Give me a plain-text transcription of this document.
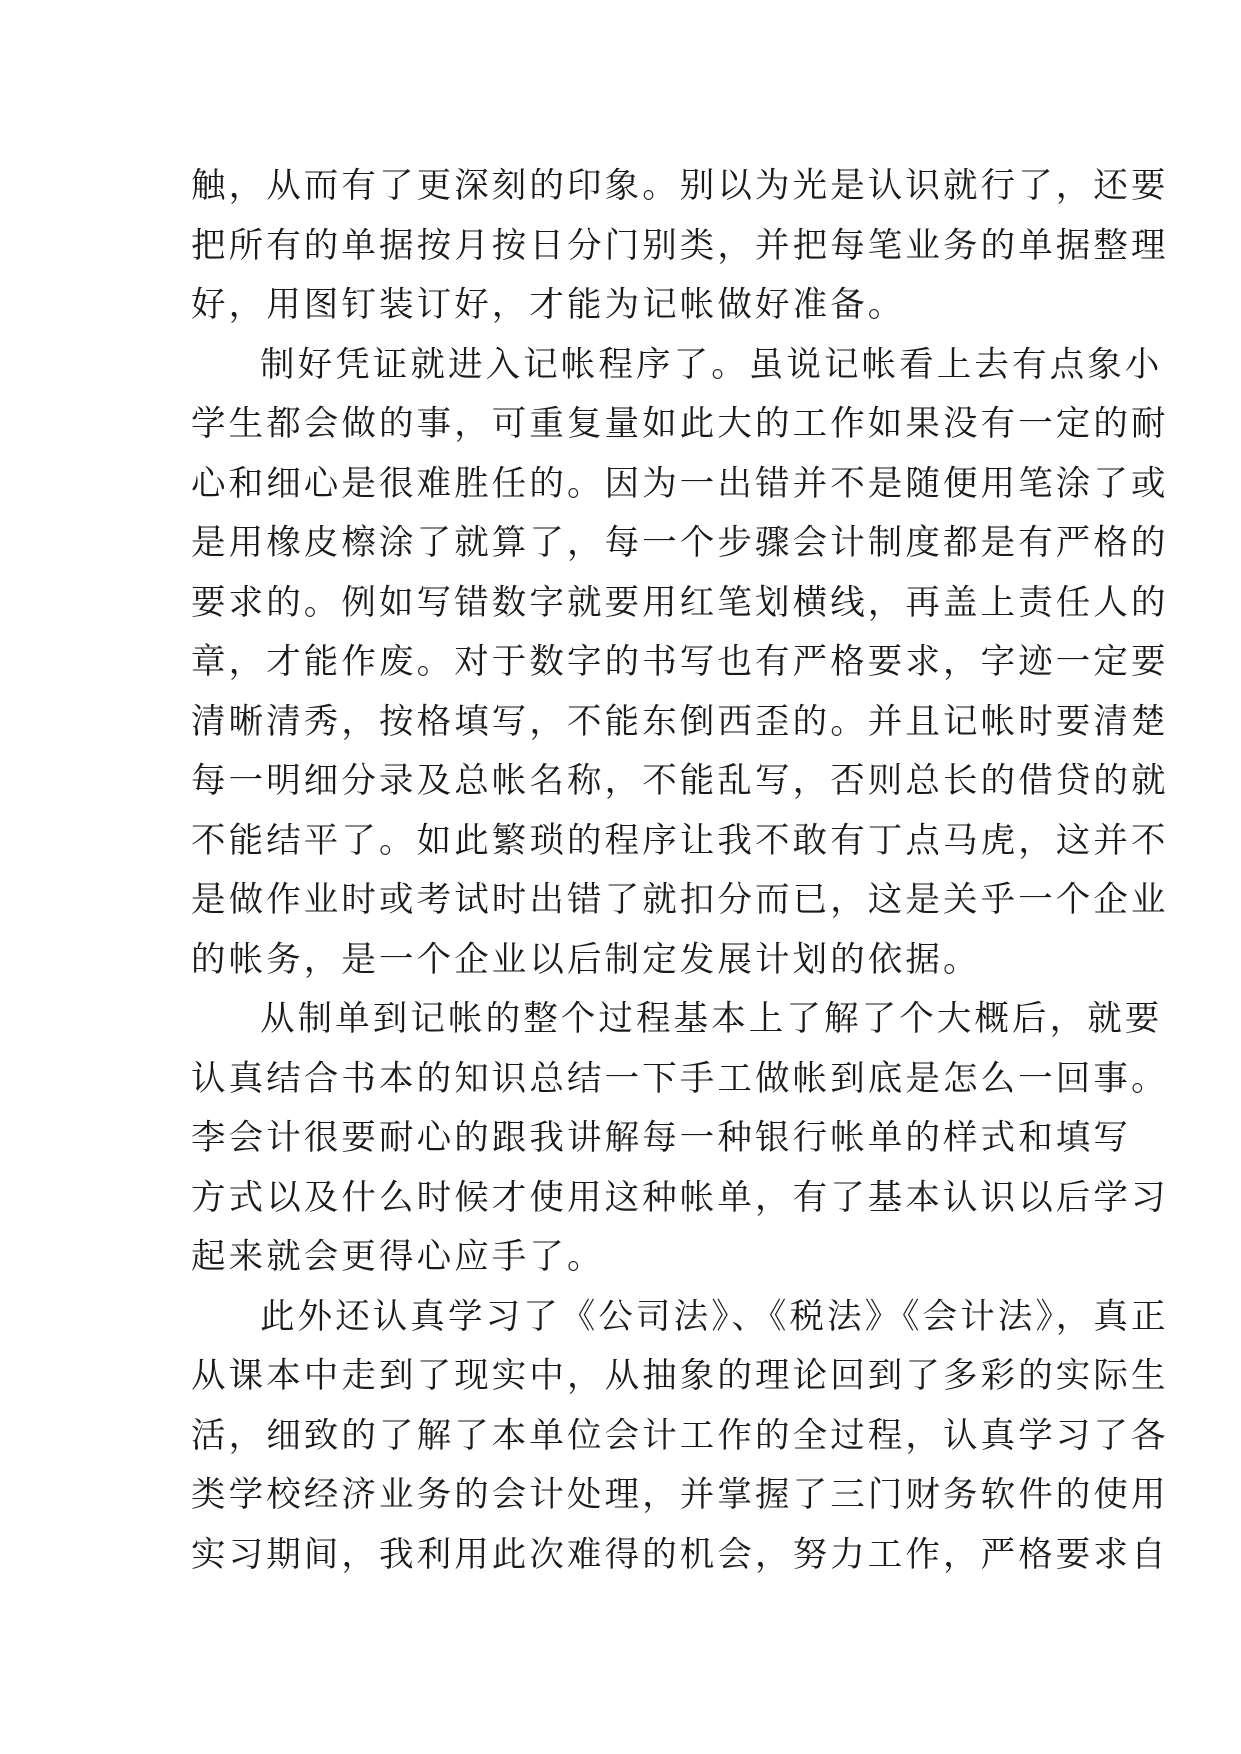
触，从而有了更深刻的印象。别以为光是认识就行了，还要
把所有的单据按月按日分门别类，并把每笔业务的单据整理
好，用图钉装订好，才能为记帐做好准备。
制好凭证就进入记帐程序了。虽说记帐看上去有点象小
学生都会做的事，可重复量如此大的工作如果没有一定的耐
心和细心是很难胜任的。因为一出错并不是随便用笔涂了或
是用橡皮檫涂了就算了，每一个步骤会计制度都是有严格的
要求的。例如写错数字就要用红笔划横线，再盖上责任人的
章，才能作废。对于数字的书写也有严格要求，字迹一定要
清晰清秀，按格填写，不能东倒西歪的。并且记帐时要清楚
每一明细分录及总帐名称，不能乱写，否则总长的借贷的就
不能结平了。如此繁琐的程序让我不敢有丁点马虎，这并不
是做作业时或考试时出错了就扣分而已，这是关乎一个企业
的帐务，是一个企业以后制定发展计划的依据。
从制单到记帐的整个过程基本上了解了个大概后，就要
认真结合书本的知识总结一下手工做帐到底是怎么一回事。
李会计很要耐心的跟我讲解每一种银行帐单的样式和填写
方式以及什么时候才使用这种帐单，有了基本认识以后学习
起来就会更得心应手了。
此外还认真学习了《公司法》、《税法》《会计法》，真正
从课本中走到了现实中，从抽象的理论回到了多彩的实际生
活，细致的了解了本单位会计工作的全过程，认真学习了各
类学校经济业务的会计处理，并掌握了三门财务软件的使用
实习期间，我利用此次难得的机会，努力工作，严格要求自
